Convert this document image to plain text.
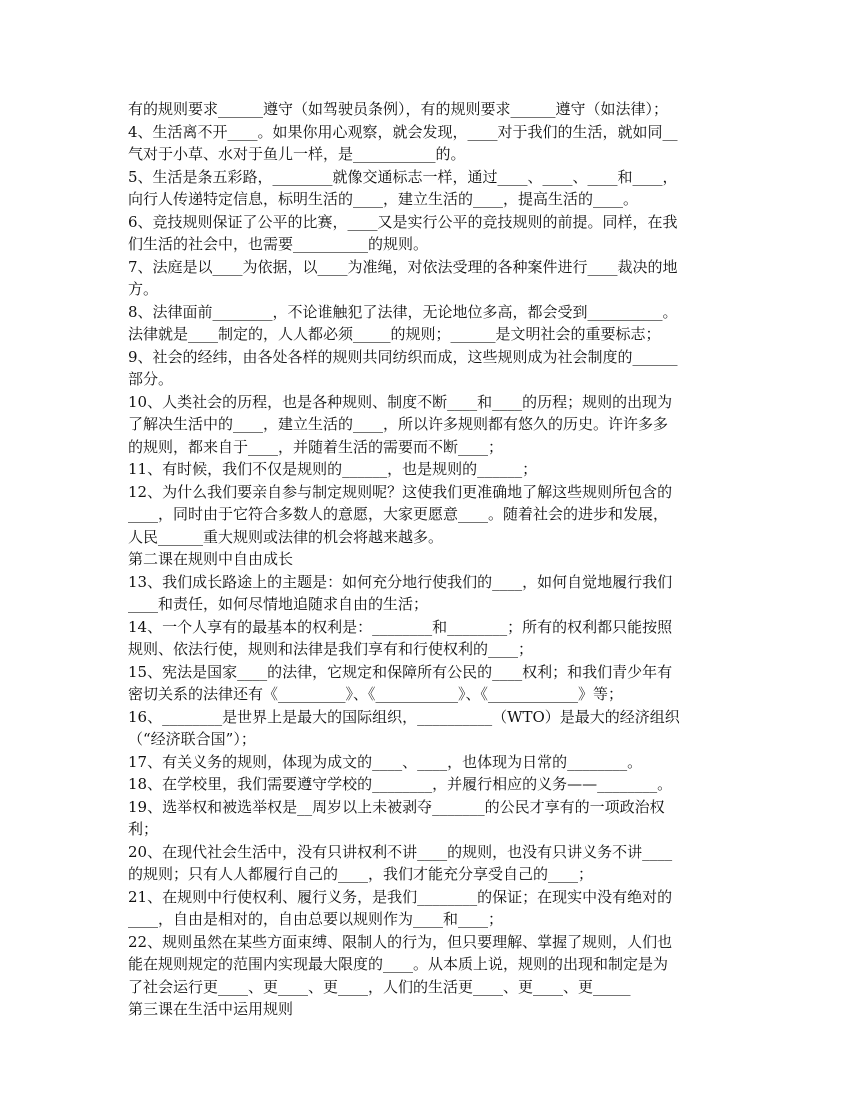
有的规则要求______遵守（如驾驶员条例），有的规则要求______遵守（如法律）；
4、生活离不开____。如果你用心观察，就会发现，____对于我们的生活，就如同__
气对于小草、水对于鱼儿一样，是___________的。
5、生活是条五彩路，________就像交通标志一样，通过____、____、____和____，
向行人传递特定信息，标明生活的____，建立生活的____，提高生活的____。
6、竞技规则保证了公平的比赛，____又是实行公平的竞技规则的前提。同样，在我
们生活的社会中，也需要__________的规则。
7、法庭是以____为依据，以____为准绳，对依法受理的各种案件进行____裁决的地
方。
8、法律面前________，不论谁触犯了法律，无论地位多高，都会受到__________。
法律就是____制定的，人人都必须_____的规则；______是文明社会的重要标志；
9、社会的经纬，由各处各样的规则共同纺织而成，这些规则成为社会制度的______
部分。
10、人类社会的历程，也是各种规则、制度不断____和____的历程；规则的出现为
了解决生活中的____，建立生活的____，所以许多规则都有悠久的历史。许许多多
的规则，都来自于____，并随着生活的需要而不断____；
11、有时候，我们不仅是规则的______，也是规则的______；
12、为什么我们要亲自参与制定规则呢？这使我们更准确地了解这些规则所包含的
____，同时由于它符合多数人的意愿，大家更愿意____。随着社会的进步和发展，
人民______重大规则或法律的机会将越来越多。
第二课在规则中自由成长
13、我们成长路途上的主题是：如何充分地行使我们的____，如何自觉地履行我们
____和责任，如何尽情地追随求自由的生活；
14、一个人享有的最基本的权利是：________和________；所有的权利都只能按照
规则、依法行使，规则和法律是我们享有和行使权利的____；
15、宪法是国家____的法律，它规定和保障所有公民的____权利；和我们青少年有
密切关系的法律还有《_________》、《___________》、《____________》等；
16、________是世界上是最大的国际组织，__________（WTO）是最大的经济组织
（“经济联合国”）；
17、有关义务的规则，体现为成文的____、____，也体现为日常的________。
18、在学校里，我们需要遵守学校的________，并履行相应的义务——________。
19、选举权和被选举权是__周岁以上未被剥夺_______的公民才享有的一项政治权
利；
20、在现代社会生活中，没有只讲权利不讲____的规则，也没有只讲义务不讲____
的规则；只有人人都履行自己的____，我们才能充分享受自己的____；
21、在规则中行使权利、履行义务，是我们________的保证；在现实中没有绝对的
____，自由是相对的，自由总要以规则作为____和____；
22、规则虽然在某些方面束缚、限制人的行为，但只要理解、掌握了规则，人们也
能在规则规定的范围内实现最大限度的____。从本质上说，规则的出现和制定是为
了社会运行更____、更____、更____，人们的生活更____、更____、更_____
第三课在生活中运用规则
